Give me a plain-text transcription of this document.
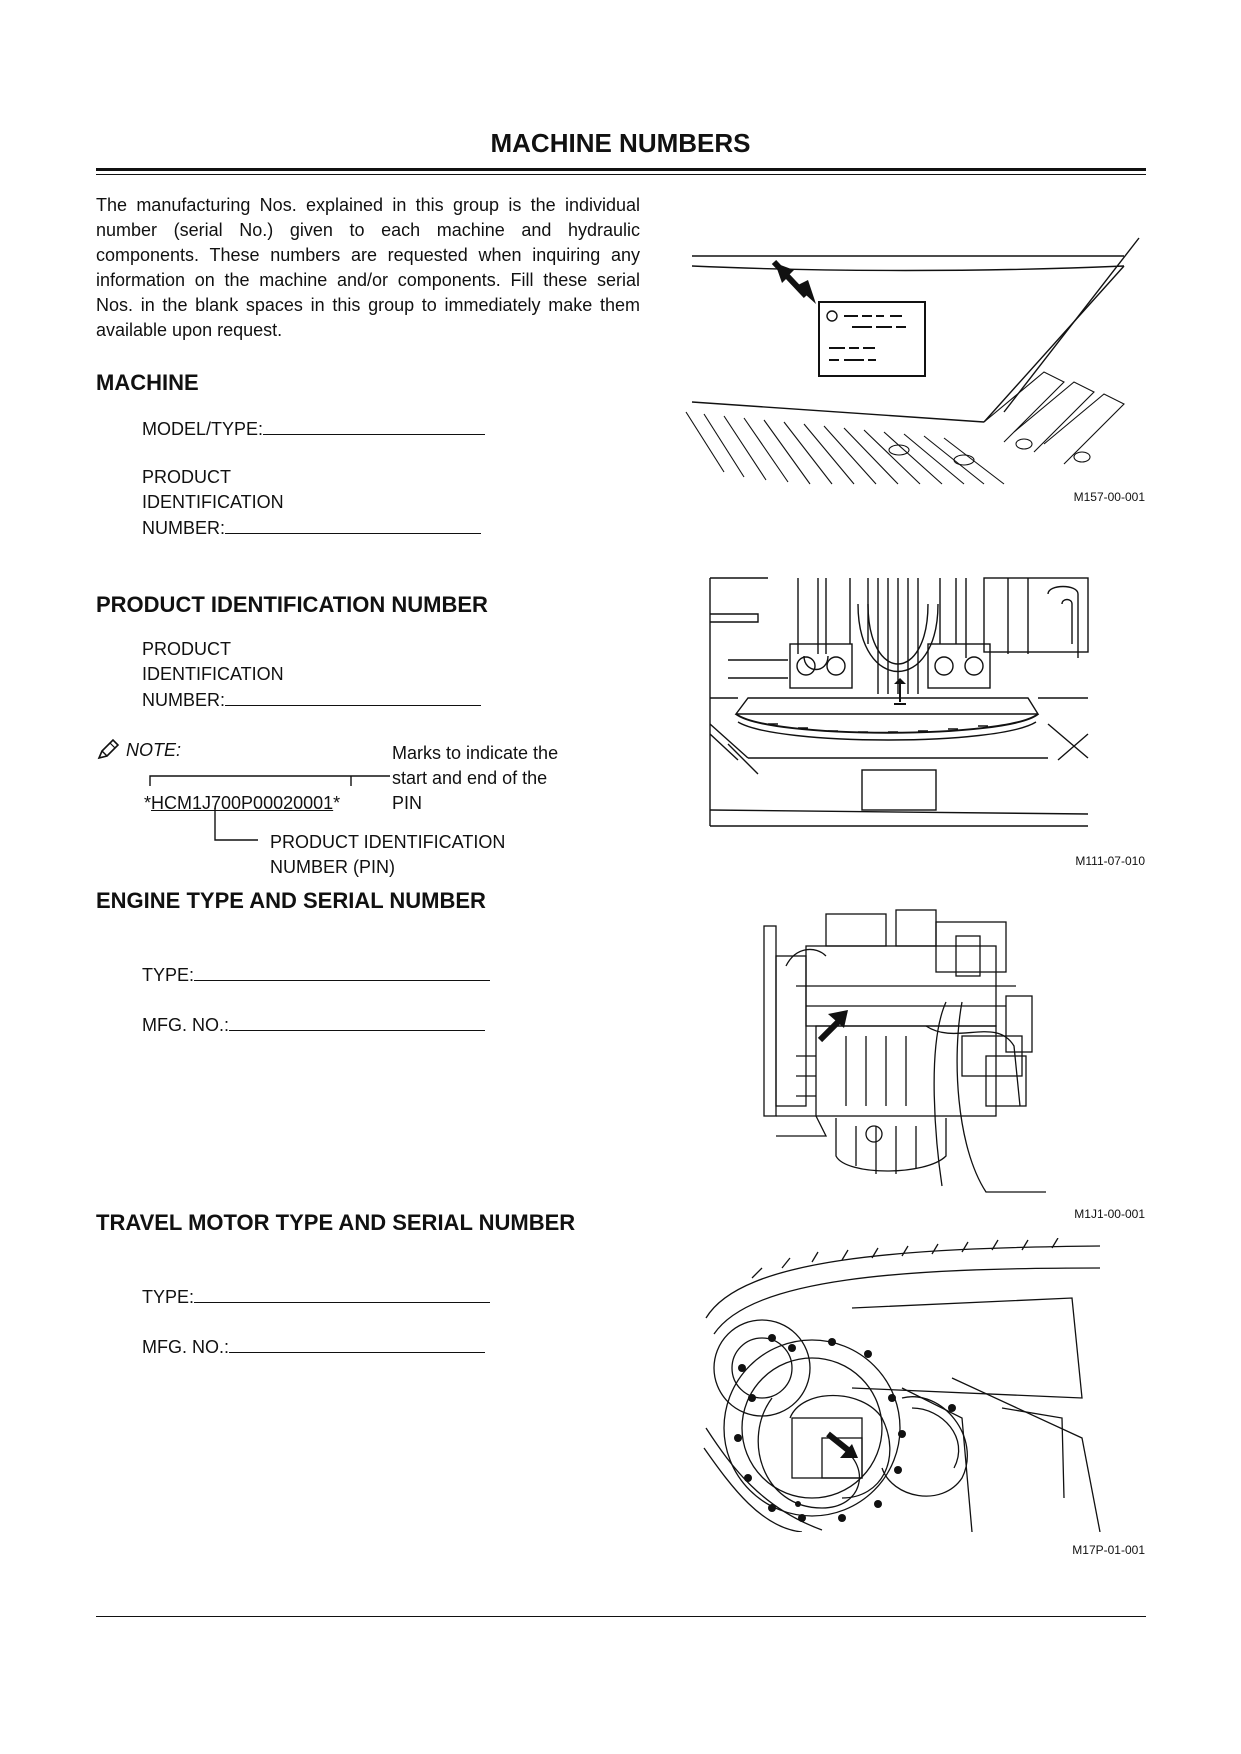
MACHINE NUMBERS
The manufacturing Nos. explained in this group is the individual number (serial No.) given to each machine and hydraulic components. These numbers are requested when inquiring any information on the machine and/or components. Fill these serial Nos. in the blank spaces in this group to immediately make them available upon request.
MACHINE
MODEL/TYPE:
PRODUCT
IDENTIFICATION
NUMBER:
M157-00-001
PRODUCT IDENTIFICATION NUMBER
PRODUCT
IDENTIFICATION
NUMBER:
NOTE:
*HCM1J700P00020001*
Marks to indicate the
start and end of the
PIN
PRODUCT IDENTIFICATION
NUMBER (PIN)	M111-07-010
ENGINE TYPE AND SERIAL NUMBER
TYPE:
MFG. NO.:
M1J1-00-001
TRAVEL MOTOR TYPE AND SERIAL NUMBER
TYPE:
MFG. NO.:
M17P-01-001
